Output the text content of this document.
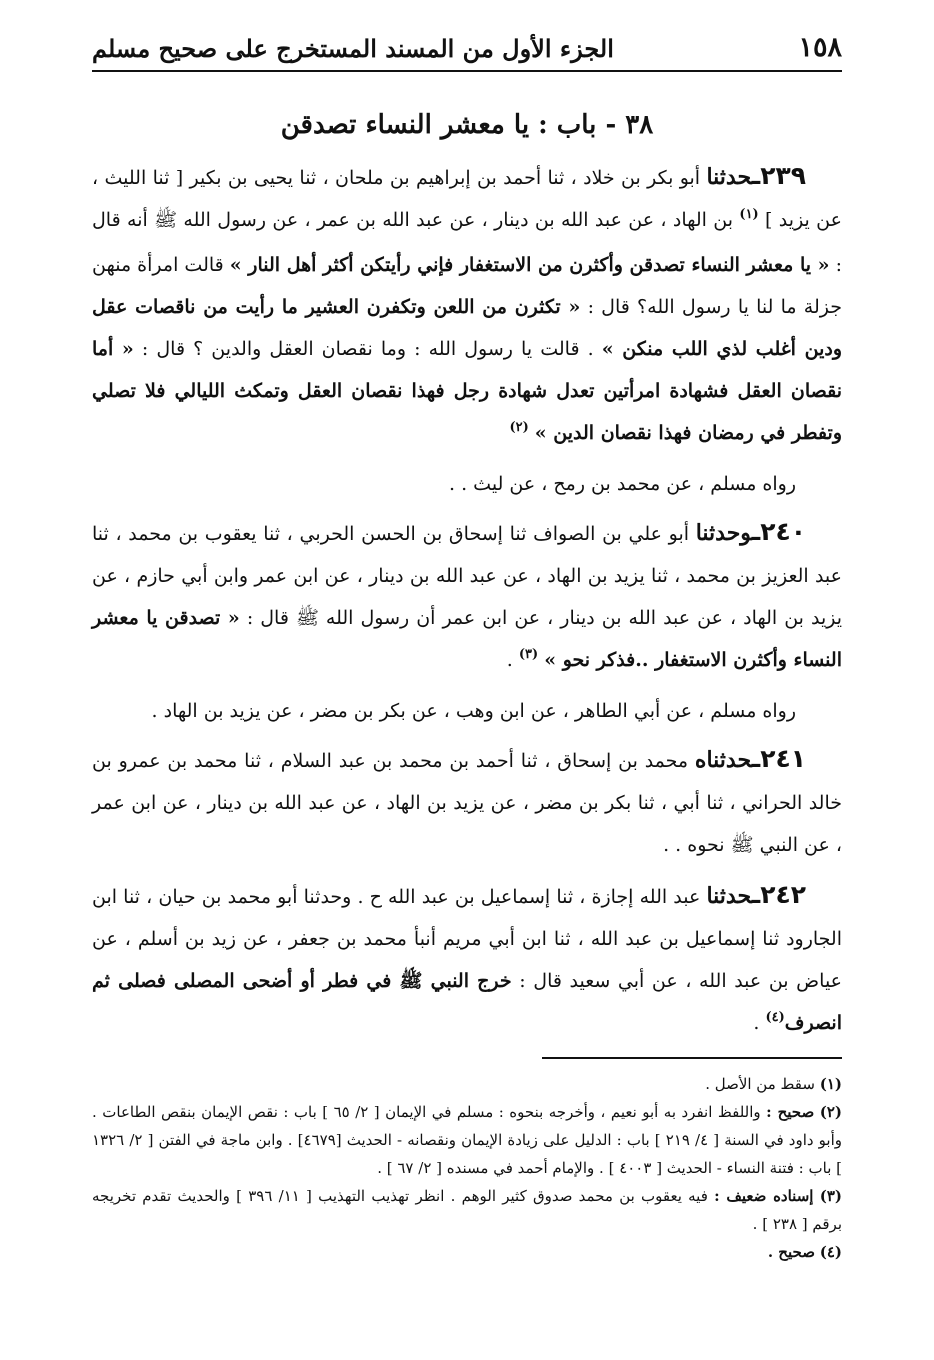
١٥٨
الجزء الأول من المسند المستخرج على صحيح مسلم
٣٨ - باب : يا معشر النساء تصدقن

٢٣٩ـحدثنا أبو بكر بن خلاد ، ثنا أحمد بن إبراهيم بن ملحان ، ثنا يحيى بن بكير [ ثنا الليث ، عن يزيد ] $^{(١)}$ بن الهاد ، عن عبد الله بن دينار ، عن عبد الله بن عمر ، عن رسول الله ﷺ أنه قال : « يا معشر النساء تصدقن وأكثرن من الاستغفار فإني رأيتكن أكثر أهل النار » قالت امرأة منهن جزلة ما لنا يا رسول الله؟ قال : « تكثرن من اللعن وتكفرن العشير ما رأيت من ناقصات عقل ودين أغلب لذي اللب منكن » . قالت يا رسول الله : وما نقصان العقل والدين ؟ قال : « أما نقصان العقل فشهادة امرأتين تعدل شهادة رجل فهذا نقصان العقل وتمكث الليالي فلا تصلي وتفطر في رمضان فهذا نقصان الدين » $^{(٢)}$

رواه مسلم ، عن محمد بن رمح ، عن ليث . .

٢٤٠ـوحدثنا أبو علي بن الصواف ثنا إسحاق بن الحسن الحربي ، ثنا يعقوب بن محمد ، ثنا عبد العزيز بن محمد ، ثنا يزيد بن الهاد ، عن عبد الله بن دينار ، عن ابن عمر وابن أبي حازم ، عن يزيد بن الهاد ، عن عبد الله بن دينار ، عن ابن عمر أن رسول الله ﷺ قال : « تصدقن يا معشر النساء وأكثرن الاستغفار ..فذكر نحو » $^{(٣)}$ .

رواه مسلم ، عن أبي الطاهر ، عن ابن وهب ، عن بكر بن مضر ، عن يزيد بن الهاد .

٢٤١ـحدثناه محمد بن إسحاق ، ثنا أحمد بن محمد بن عبد السلام ، ثنا محمد بن عمرو بن خالد الحراني ، ثنا أبي ، ثنا بكر بن مضر ، عن يزيد بن الهاد ، عن عبد الله بن دينار ، عن ابن عمر ، عن النبي ﷺ نحوه . .

٢٤٢ـحدثنا عبد الله إجازة ، ثنا إسماعيل بن عبد الله ح . وحدثنا أبو محمد بن حيان ، ثنا ابن الجارود ثنا إسماعيل بن عبد الله ، ثنا ابن أبي مريم أنبأ محمد بن جعفر ، عن زيد بن أسلم ، عن عياض بن عبد الله ، عن أبي سعيد قال : خرج النبي ﷺ في فطر أو أضحى المصلى فصلى ثم انصرف$^{(٤)}$ .

(١) سقط من الأصل .

(٢) صحيح : واللفظ انفرد به أبو نعيم ، وأخرجه بنحوه : مسلم في الإيمان [ ٢/ ٦٥ ] باب : نقص الإيمان بنقص الطاعات . وأبو داود في السنة [ ٤/ ٢١٩ ] باب : الدليل على زيادة الإيمان ونقصانه - الحديث [٤٦٧٩] . وابن ماجة في الفتن [ ٢/ ١٣٢٦ ] باب : فتنة النساء - الحديث [ ٤٠٠٣ ] . والإمام أحمد في مسنده [ ٢/ ٦٧ ] .

(٣) إسناده ضعيف : فيه يعقوب بن محمد صدوق كثير الوهم . انظر تهذيب التهذيب [ ١١/ ٣٩٦ ] والحديث تقدم تخريجه برقم [ ٢٣٨ ] .

(٤) صحيح .
